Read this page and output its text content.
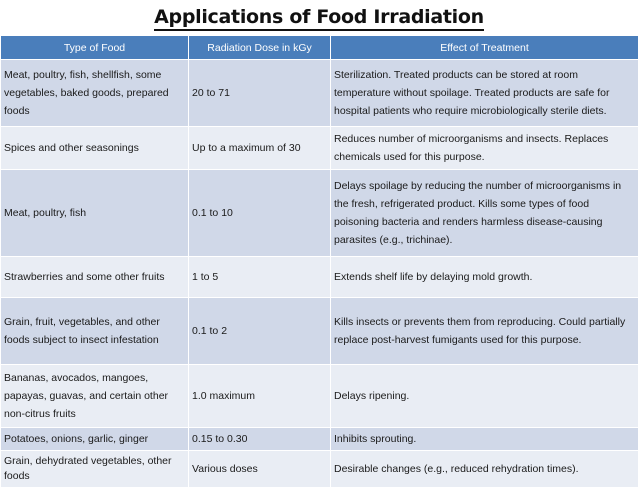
Applications of Food Irradiation
Type of Food	Radiation Dose in kGy	Effect of Treatment
Meat, poultry, fish, shellfish, some vegetables, baked goods, prepared foods	20 to 71	Sterilization. Treated products can be stored at room temperature without spoilage. Treated products are safe for hospital patients who require microbiologically sterile diets.
Spices and other seasonings	Up to a maximum of 30	Reduces number of microorganisms and insects. Replaces chemicals used for this purpose.
Meat, poultry, fish	0.1 to 10	Delays spoilage by reducing the number of microorganisms in the fresh, refrigerated product. Kills some types of food poisoning bacteria and renders harmless disease-causing parasites (e.g., trichinae).
Strawberries and some other fruits	1 to 5	Extends shelf life by delaying mold growth.
Grain, fruit, vegetables, and other foods subject to insect infestation	0.1 to 2	Kills insects or prevents them from reproducing. Could partially replace post-harvest fumigants used for this purpose.
Bananas, avocados, mangoes, papayas, guavas, and certain other non-citrus fruits	1.0 maximum	Delays ripening.
Potatoes, onions, garlic, ginger	0.15 to 0.30	Inhibits sprouting.
Grain, dehydrated vegetables, other foods	Various doses	Desirable changes (e.g., reduced rehydration times).
